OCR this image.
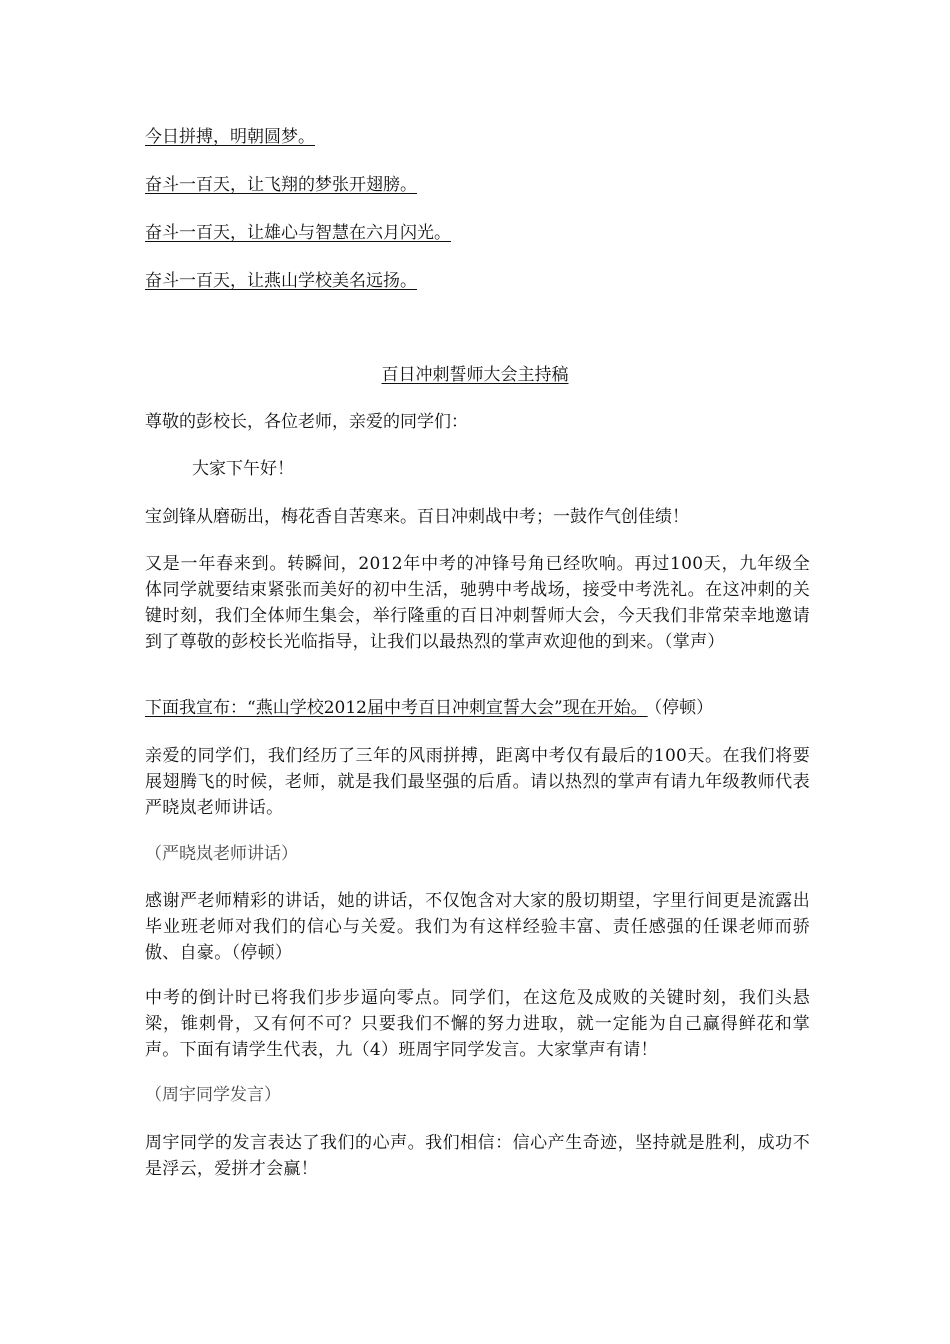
今日拼搏，明朝圆梦。

奋斗一百天，让飞翔的梦张开翅膀。

奋斗一百天，让雄心与智慧在六月闪光。

奋斗一百天，让燕山学校美名远扬。

百日冲刺誓师大会主持稿

尊敬的彭校长，各位老师，亲爱的同学们：

大家下午好！

宝剑锋从磨砺出，梅花香自苦寒来。百日冲刺战中考；一鼓作气创佳绩！

又是一年春来到。转瞬间，2012年中考的冲锋号角已经吹响。再过100天，九年级全体同学就要结束紧张而美好的初中生活，驰骋中考战场，接受中考洗礼。在这冲刺的关键时刻，我们全体师生集会，举行隆重的百日冲刺誓师大会，今天我们非常荣幸地邀请到了尊敬的彭校长光临指导，让我们以最热烈的掌声欢迎他的到来。（掌声）

下面我宣布：“燕山学校2012届中考百日冲刺宣誓大会”现在开始。 （停顿）

亲爱的同学们，我们经历了三年的风雨拼搏，距离中考仅有最后的100天。在我们将要展翅腾飞的时候，老师，就是我们最坚强的后盾。请以热烈的掌声有请九年级教师代表严晓岚老师讲话。

（严晓岚老师讲话）

感谢严老师精彩的讲话，她的讲话，不仅饱含对大家的殷切期望，字里行间更是流露出毕业班老师对我们的信心与关爱。我们为有这样经验丰富、责任感强的任课老师而骄傲、自豪。（停顿）

中考的倒计时已将我们步步逼向零点。同学们，在这危及成败的关键时刻，我们头悬梁，锥刺骨，又有何不可？只要我们不懈的努力进取，就一定能为自己赢得鲜花和掌声。下面有请学生代表，九（4）班周宇同学发言。大家掌声有请！

（周宇同学发言）

周宇同学的发言表达了我们的心声。我们相信：信心产生奇迹，坚持就是胜利，成功不是浮云，爱拼才会赢！
